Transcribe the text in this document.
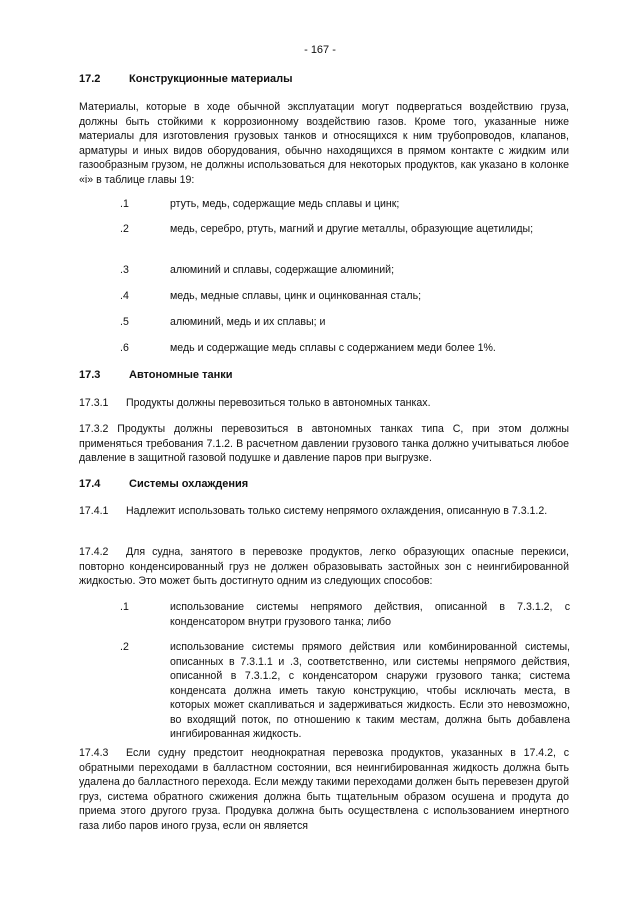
- 167 -
17.2	Конструкционные материалы
Материалы, которые в ходе обычной эксплуатации могут подвергаться воздействию груза, должны быть стойкими к коррозионному воздействию газов. Кроме того, указанные ниже материалы для изготовления грузовых танков и относящихся к ним трубопроводов, клапанов, арматуры и иных видов оборудования, обычно находящихся в прямом контакте с жидким или газообразным грузом, не должны использоваться для некоторых продуктов, как указано в колонке «i» в таблице главы 19:
.1	ртуть, медь, содержащие медь сплавы и цинк;
.2	медь, серебро, ртуть, магний и другие металлы, образующие ацетилиды;
.3	алюминий и сплавы, содержащие алюминий;
.4	медь, медные сплавы, цинк и оцинкованная сталь;
.5	алюминий, медь и их сплавы; и
.6	медь и содержащие медь сплавы с содержанием меди более 1%.
17.3	Автономные танки
17.3.1 Продукты должны перевозиться только в автономных танках.
17.3.2 Продукты должны перевозиться в автономных танках типа С, при этом должны применяться требования 7.1.2. В расчетном давлении грузового танка должно учитываться любое давление в защитной газовой подушке и давление паров при выгрузке.
17.4	Системы охлаждения
17.4.1 Надлежит использовать только систему непрямого охлаждения, описанную в 7.3.1.2.
17.4.2 Для судна, занятого в перевозке продуктов, легко образующих опасные перекиси, повторно конденсированный груз не должен образовывать застойных зон с неингибированной жидкостью. Это может быть достигнуто одним из следующих способов:
.1	использование системы непрямого действия, описанной в 7.3.1.2, с конденсатором внутри грузового танка; либо
.2	использование системы прямого действия или комбинированной системы, описанных в 7.3.1.1 и .3, соответственно, или системы непрямого действия, описанной в 7.3.1.2, с конденсатором снаружи грузового танка; система конденсата должна иметь такую конструкцию, чтобы исключать места, в которых может скапливаться и задерживаться жидкость. Если это невозможно, во входящий поток, по отношению к таким местам, должна быть добавлена ингибированная жидкость.
17.4.3 Если судну предстоит неоднократная перевозка продуктов, указанных в 17.4.2, с обратными переходами в балластном состоянии, вся неингибированная жидкость должна быть удалена до балластного перехода. Если между такими переходами должен быть перевезен другой груз, система обратного сжижения должна быть тщательным образом осушена и продута до приема этого другого груза. Продувка должна быть осуществлена с использованием инертного газа либо паров иного груза, если он является
